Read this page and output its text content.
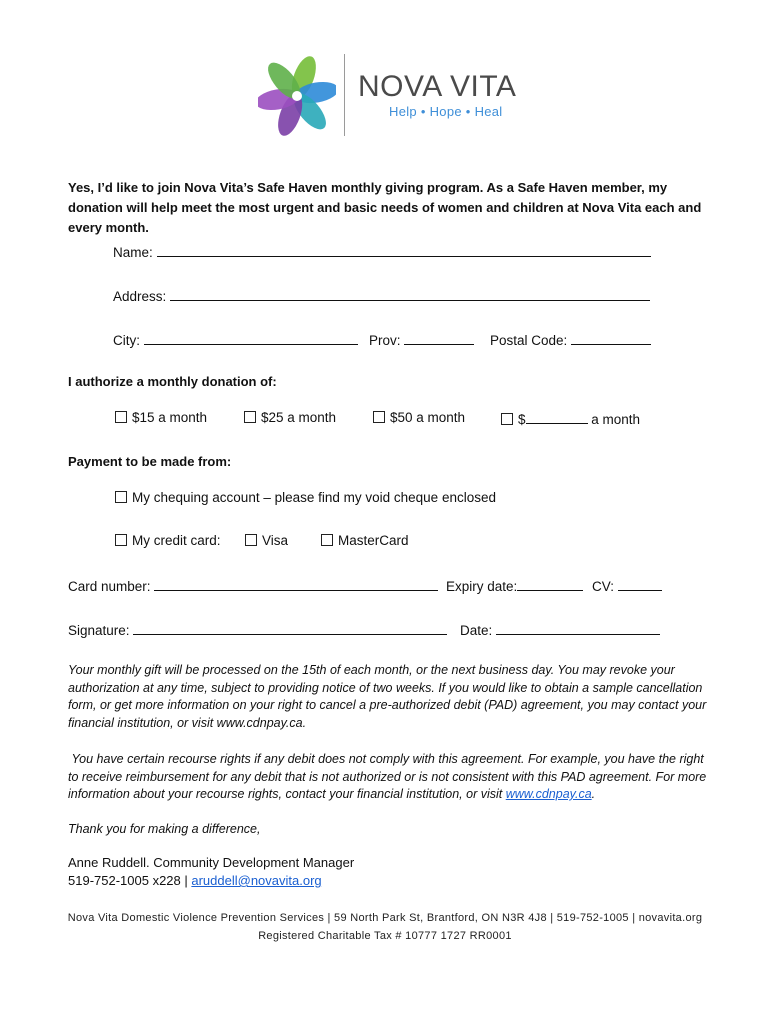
NOVA VITA
Help • Hope • Heal
Yes, I’d like to join Nova Vita’s Safe Haven monthly giving program. As a Safe Haven member, my donation will help meet the most urgent and basic needs of women and children at Nova Vita each and every month.
Name:
Address:
City:	Prov:	Postal Code:
I authorize a monthly donation of:
$15 a month	$25 a month	$50 a month	$	a month
Payment to be made from:
My chequing account – please find my void cheque enclosed
My credit card:	Visa	MasterCard
Card number:	Expiry date:	CV:
Signature:	Date:
Your monthly gift will be processed on the 15th of each month, or the next business day. You may revoke your authorization at any time, subject to providing notice of two weeks. If you would like to obtain a sample cancellation form, or get more information on your right to cancel a pre-authorized debit (PAD) agreement, you may contact your financial institution, or visit www.cdnpay.ca.
You have certain recourse rights if any debit does not comply with this agreement. For example, you have the right to receive reimbursement for any debit that is not authorized or is not consistent with this PAD agreement. For more information about your recourse rights, contact your financial institution, or visit www.cdnpay.ca.
Thank you for making a difference,
Anne Ruddell. Community Development Manager
519-752-1005 x228 | aruddell@novavita.org
Nova Vita Domestic Violence Prevention Services | 59 North Park St, Brantford, ON N3R 4J8 | 519-752-1005 | novavita.org
Registered Charitable Tax # 10777 1727 RR0001
